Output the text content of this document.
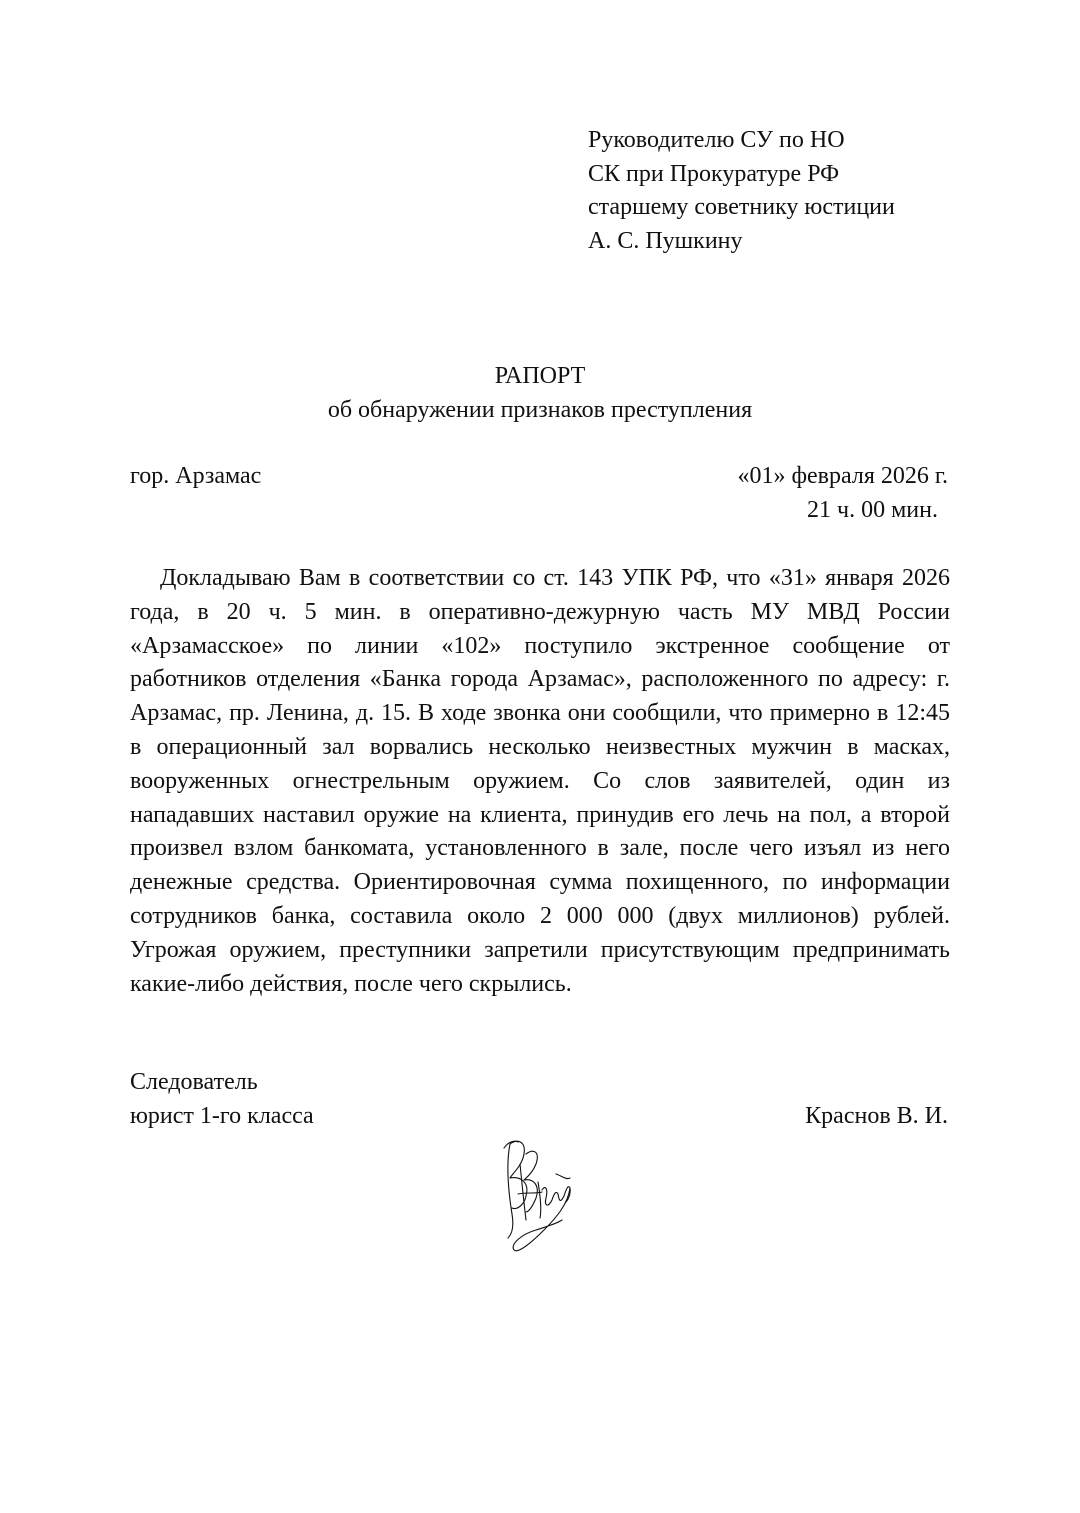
Руководителю СУ по НО
СК при Прокуратуре РФ
старшему советнику юстиции
А. С. Пушкину
РАПОРТ
об обнаружении признаков преступления
гор. Арзамас	«01» февраля 2026 г.
21 ч. 00 мин.

Докладываю Вам в соответствии со ст. 143 УПК РФ, что «31» января 2026 года, в 20 ч. 5 мин. в оперативно-дежурную часть МУ МВД России «Арзамасское» по линии «102» поступило экстренное сообщение от работников отделения «Банка города Арзамас», расположенного по адресу: г. Арзамас, пр. Ленина, д. 15. В ходе звонка они сообщили, что примерно в 12:45 в операционный зал ворвались несколько неизвестных мужчин в масках, вооруженных огнестрельным оружием. Со слов заявителей, один из нападавших наставил оружие на клиента, принудив его лечь на пол, а второй произвел взлом банкомата, установленного в зале, после чего изъял из него денежные средства. Ориентировочная сумма похищенного, по информации сотрудников банка, составила около 2 000 000 (двух миллионов) рублей. Угрожая оружием, преступники запретили присутствующим предпринимать какие-либо действия, после чего скрылись.

Следователь
юрист 1-го класса	Краснов В. И.
